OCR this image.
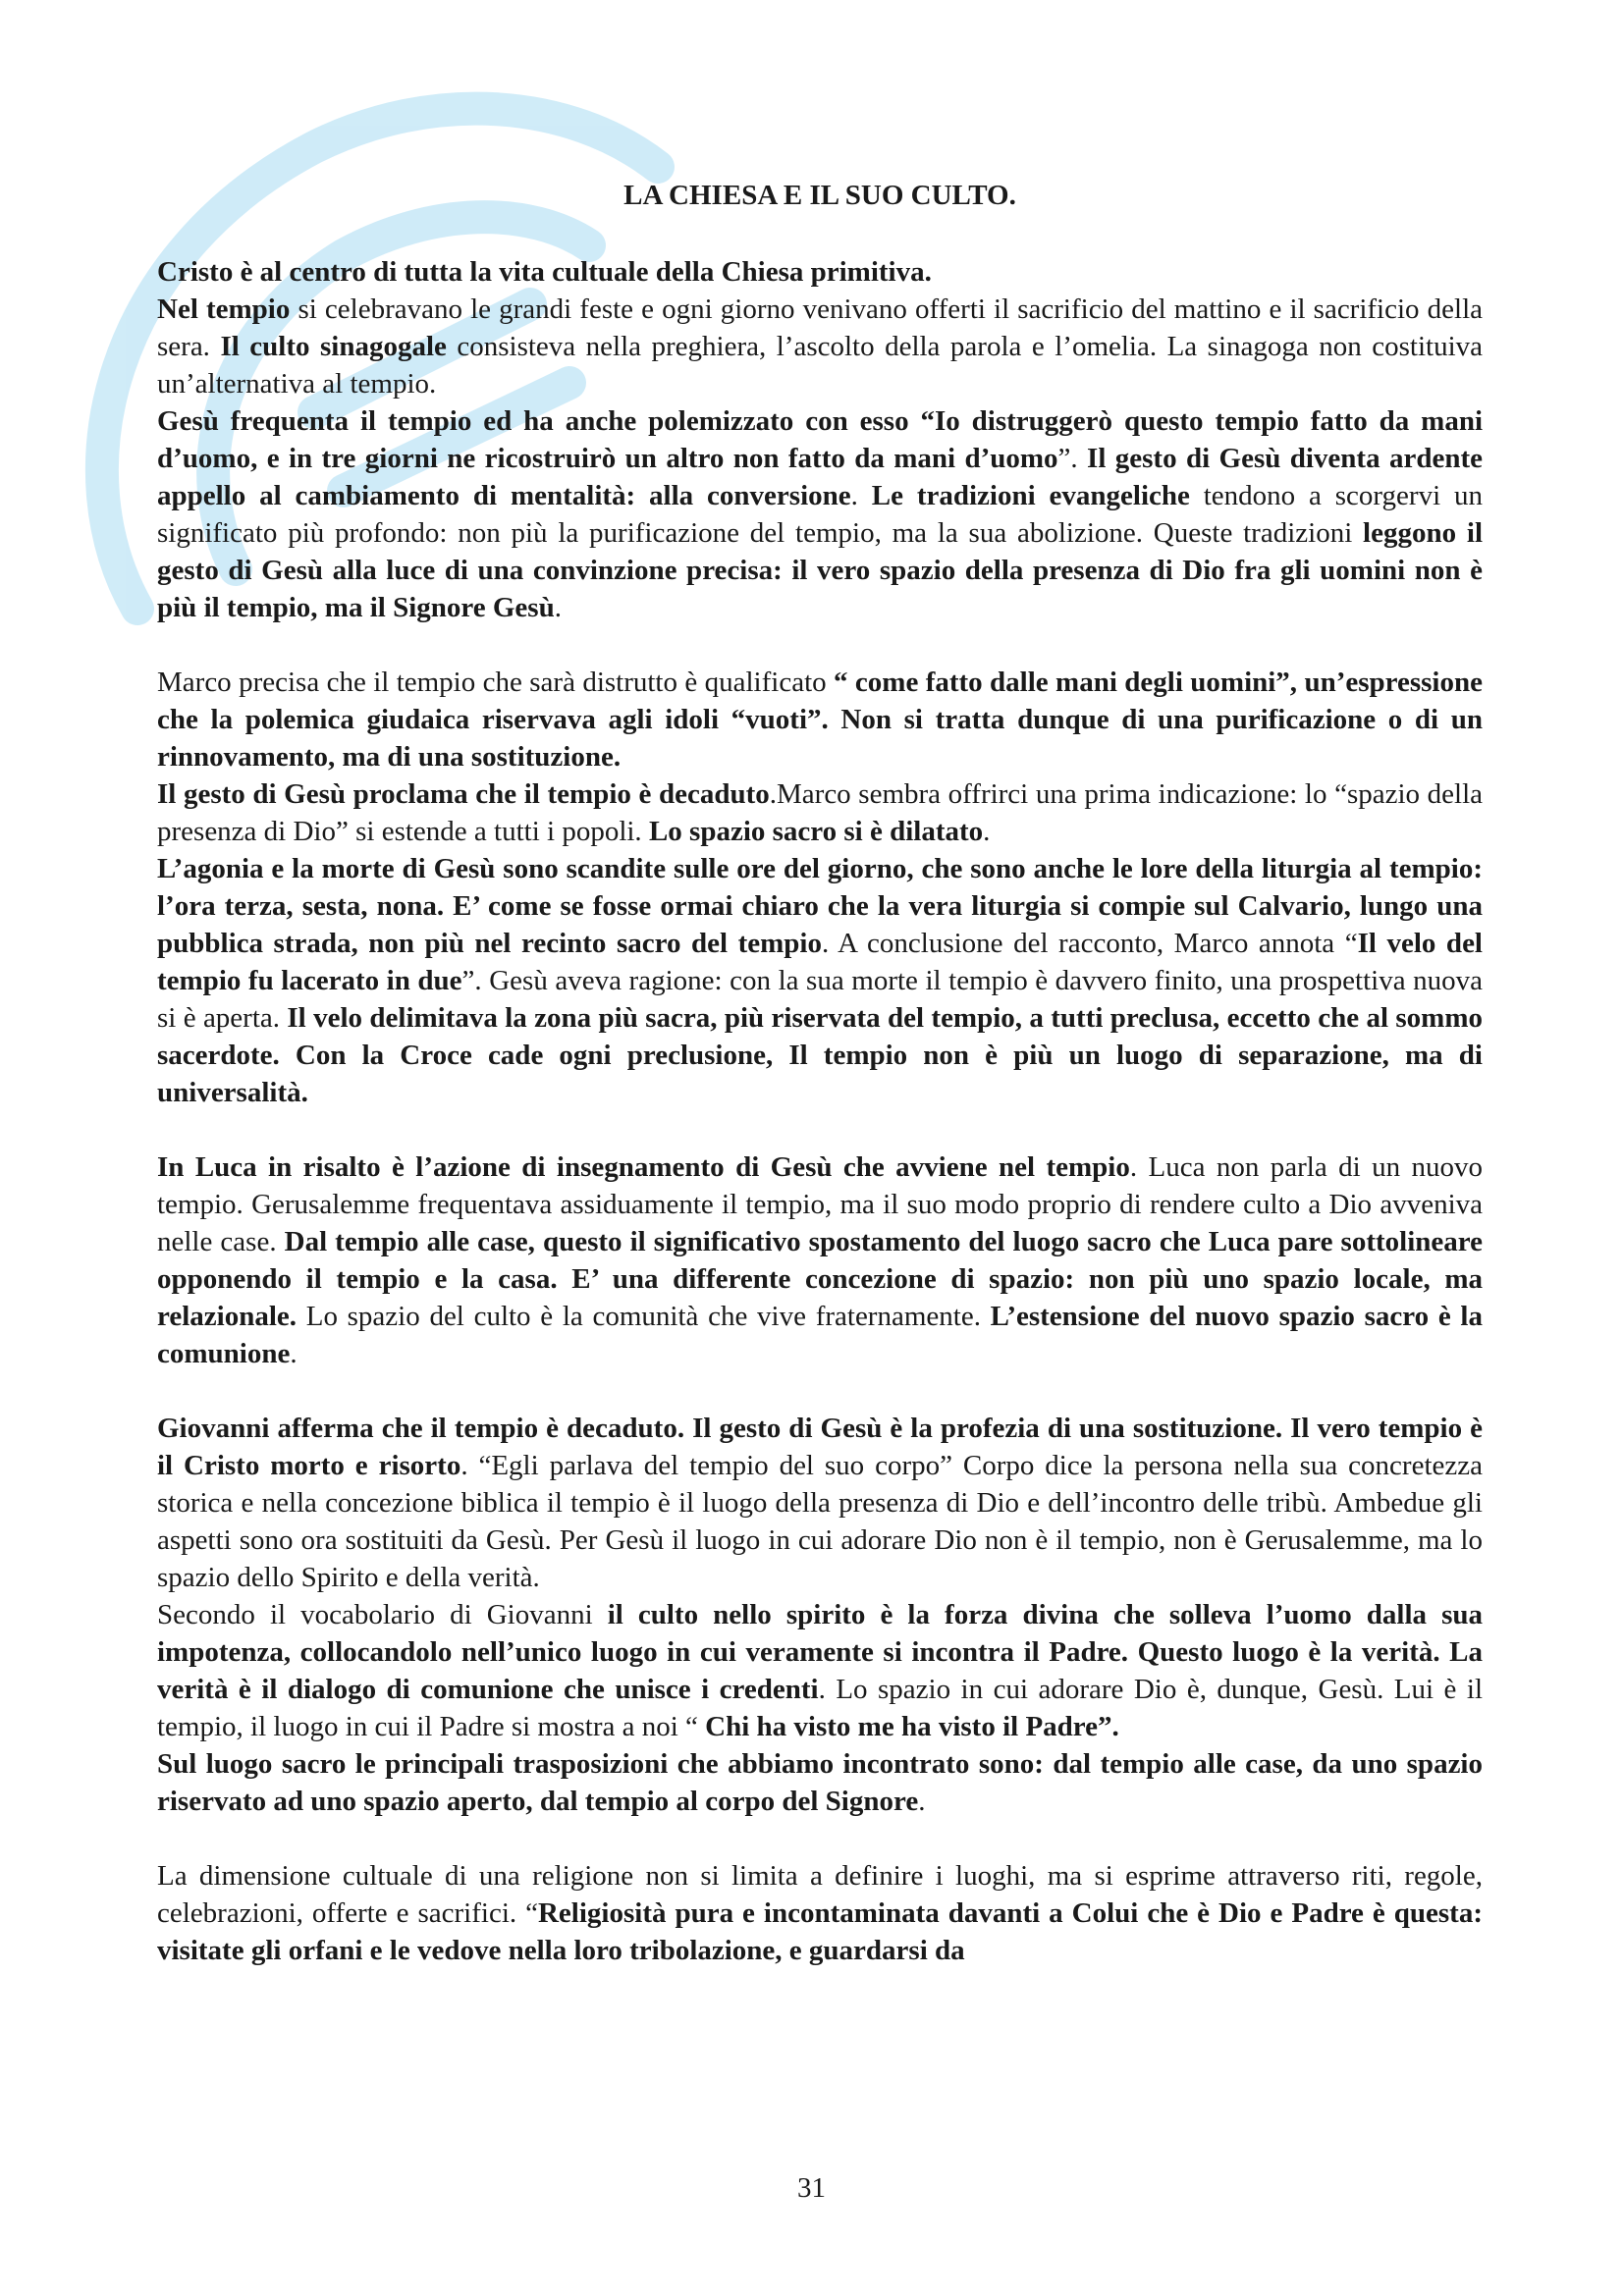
LA CHIESA E IL SUO CULTO.

Cristo è al centro di tutta la vita cultuale della Chiesa primitiva.

Nel tempio si celebravano le grandi feste e ogni giorno venivano offerti il sacrificio del mattino e il sacrificio della sera. Il culto sinagogale consisteva nella preghiera, l’ascolto della parola e l’omelia. La sinagoga non costituiva un’alternativa al tempio.

Gesù frequenta il tempio ed ha anche polemizzato con esso “Io distruggerò questo tempio fatto da mani d’uomo, e in tre giorni ne ricostruirò un altro non fatto da mani d’uomo”. Il gesto di Gesù diventa ardente appello al cambiamento di mentalità: alla conversione. Le tradizioni evangeliche tendono a scorgervi un significato più profondo: non più la purificazione del tempio, ma la sua abolizione. Queste tradizioni leggono il gesto di Gesù alla luce di una convinzione precisa: il vero spazio della presenza di Dio fra gli uomini non è più il tempio, ma il Signore Gesù.

Marco precisa che il tempio che sarà distrutto è qualificato “ come fatto dalle mani degli uomini”, un’espressione che la polemica giudaica riservava agli idoli “vuoti”. Non si tratta dunque di una purificazione o di un rinnovamento, ma di una sostituzione.

Il gesto di Gesù proclama che il tempio è decaduto.Marco sembra offrirci una prima indicazione: lo “spazio della presenza di Dio” si estende a tutti i popoli. Lo spazio sacro si è dilatato.

L’agonia e la morte di Gesù sono scandite sulle ore del giorno, che sono anche le lore della liturgia al tempio: l’ora terza, sesta, nona. E’ come se fosse ormai chiaro che la vera liturgia si compie sul Calvario, lungo una pubblica strada, non più nel recinto sacro del tempio. A conclusione del racconto, Marco annota “Il velo del tempio fu lacerato in due”. Gesù aveva ragione: con la sua morte il tempio è davvero finito, una prospettiva nuova si è aperta. Il velo delimitava la zona più sacra, più riservata del tempio, a tutti preclusa, eccetto che al sommo sacerdote. Con la Croce cade ogni preclusione, Il tempio non è più un luogo di separazione, ma di universalità.

In Luca in risalto è l’azione di insegnamento di Gesù che avviene nel tempio. Luca non parla di un nuovo tempio. Gerusalemme frequentava assiduamente il tempio, ma il suo modo proprio di rendere culto a Dio avveniva nelle case. Dal tempio alle case, questo il significativo spostamento del luogo sacro che Luca pare sottolineare opponendo il tempio e la casa. E’ una differente concezione di spazio: non più uno spazio locale, ma relazionale. Lo spazio del culto è la comunità che vive fraternamente. L’estensione del nuovo spazio sacro è la comunione.

Giovanni afferma che il tempio è decaduto. Il gesto di Gesù è la profezia di una sostituzione. Il vero tempio è il Cristo morto e risorto. “Egli parlava del tempio del suo corpo” Corpo dice la persona nella sua concretezza storica e nella concezione biblica il tempio è il luogo della presenza di Dio e dell’incontro delle tribù. Ambedue gli aspetti sono ora sostituiti da Gesù. Per Gesù il luogo in cui adorare Dio non è il tempio, non è Gerusalemme, ma lo spazio dello Spirito e della verità.

Secondo il vocabolario di Giovanni il culto nello spirito è la forza divina che solleva l’uomo dalla sua impotenza, collocandolo nell’unico luogo in cui veramente si incontra il Padre. Questo luogo è la verità. La verità è il dialogo di comunione che unisce i credenti. Lo spazio in cui adorare Dio è, dunque, Gesù. Lui è il tempio, il luogo in cui il Padre si mostra a noi “ Chi ha visto me ha visto il Padre”.

Sul luogo sacro le principali trasposizioni che abbiamo incontrato sono: dal tempio alle case, da uno spazio riservato ad uno spazio aperto, dal tempio al corpo del Signore.

La dimensione cultuale di una religione non si limita a definire i luoghi, ma si esprime attraverso riti, regole, celebrazioni, offerte e sacrifici. “Religiosità pura e incontaminata davanti a Colui che è Dio e Padre è questa: visitate gli orfani e le vedove nella loro tribolazione, e guardarsi da

31
